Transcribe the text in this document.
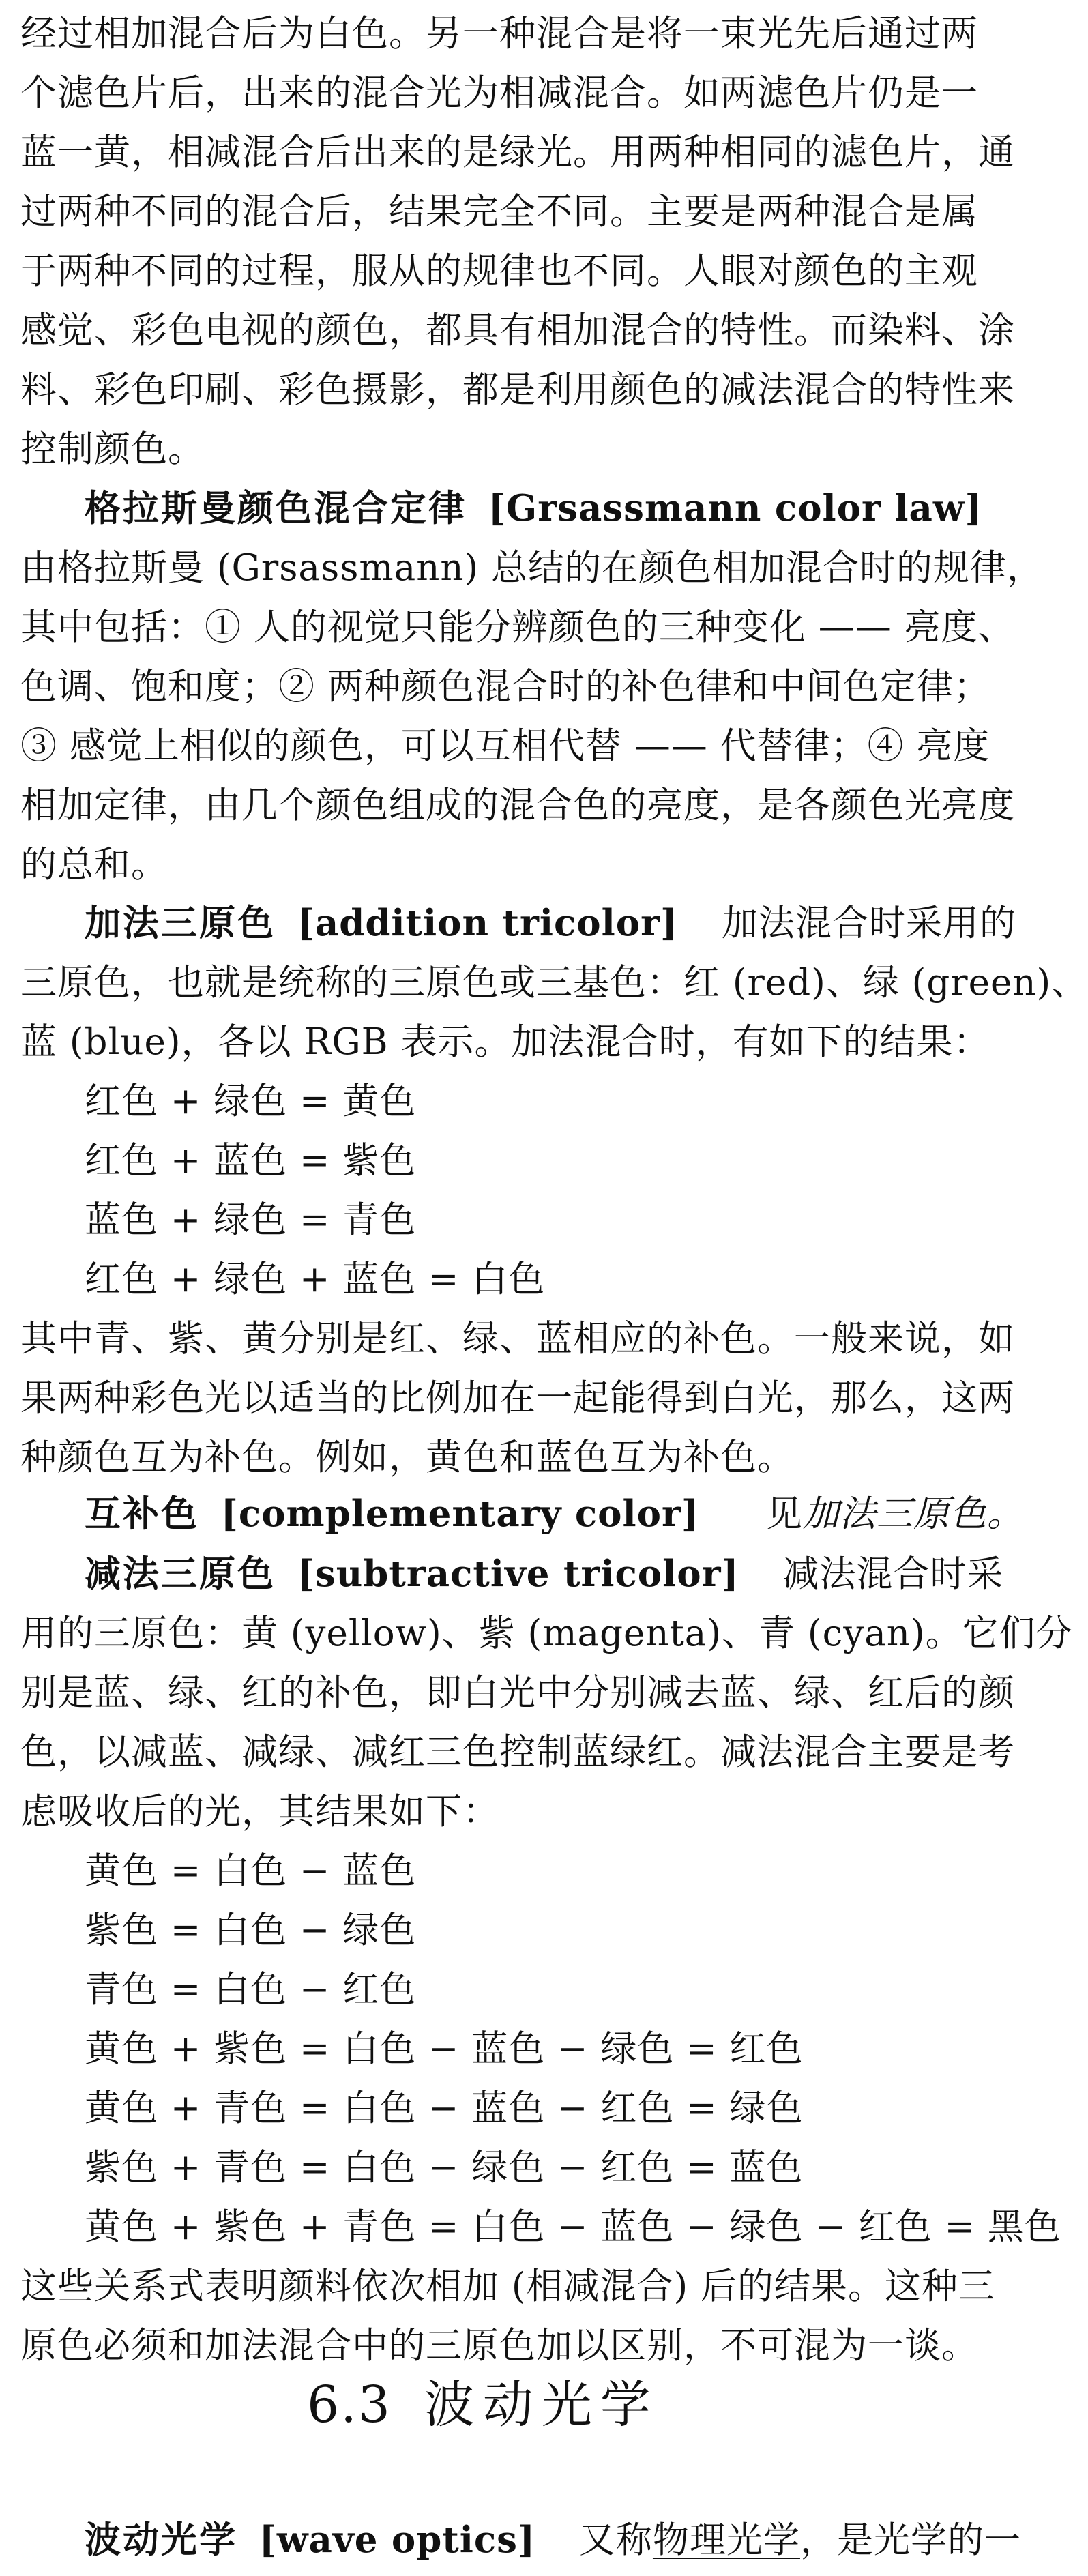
经过相加混合后为白色。另一种混合是将一束光先后通过两
个滤色片后，出来的混合光为相减混合。如两滤色片仍是一
蓝一黄，相减混合后出来的是绿光。用两种相同的滤色片，通
过两种不同的混合后，结果完全不同。主要是两种混合是属
于两种不同的过程，服从的规律也不同。人眼对颜色的主观
感觉、彩色电视的颜色，都具有相加混合的特性。而染料、涂
料、彩色印刷、彩色摄影，都是利用颜色的减法混合的特性来
控制颜色。
格拉斯曼颜色混合定律 [Grsassmann color law]
由格拉斯曼 (Grsassmann) 总结的在颜色相加混合时的规律，
其中包括：① 人的视觉只能分辨颜色的三种变化 —— 亮度、
色调、饱和度；② 两种颜色混合时的补色律和中间色定律；
③ 感觉上相似的颜色，可以互相代替 —— 代替律；④ 亮度
相加定律，由几个颜色组成的混合色的亮度，是各颜色光亮度
的总和。
加法三原色 [addition tricolor] 加法混合时采用的
三原色，也就是统称的三原色或三基色：红 (red)、绿 (green)、
蓝 (blue)，各以 RGB 表示。加法混合时，有如下的结果：
红色 + 绿色 = 黄色
红色 + 蓝色 = 紫色
蓝色 + 绿色 = 青色
红色 + 绿色 + 蓝色 = 白色
其中青、紫、黄分别是红、绿、蓝相应的补色。一般来说，如
果两种彩色光以适当的比例加在一起能得到白光，那么，这两
种颜色互为补色。例如，黄色和蓝色互为补色。
互补色 [complementary color] 见加法三原色。
减法三原色 [subtractive tricolor] 减法混合时采
用的三原色：黄 (yellow)、紫 (magenta)、青 (cyan)。它们分
别是蓝、绿、红的补色，即白光中分别减去蓝、绿、红后的颜
色，以减蓝、减绿、减红三色控制蓝绿红。减法混合主要是考
虑吸收后的光，其结果如下：
黄色 = 白色 − 蓝色
紫色 = 白色 − 绿色
青色 = 白色 − 红色
黄色 + 紫色 = 白色 − 蓝色 − 绿色 = 红色
黄色 + 青色 = 白色 − 蓝色 − 红色 = 绿色
紫色 + 青色 = 白色 − 绿色 − 红色 = 蓝色
黄色 + 紫色 + 青色 = 白色 − 蓝色 − 绿色 − 红色 = 黑色
这些关系式表明颜料依次相加 (相减混合) 后的结果。这种三
原色必须和加法混合中的三原色加以区别，不可混为一谈。
6.3 波动光学
波动光学 [wave optics] 又称物理光学，是光学的一
